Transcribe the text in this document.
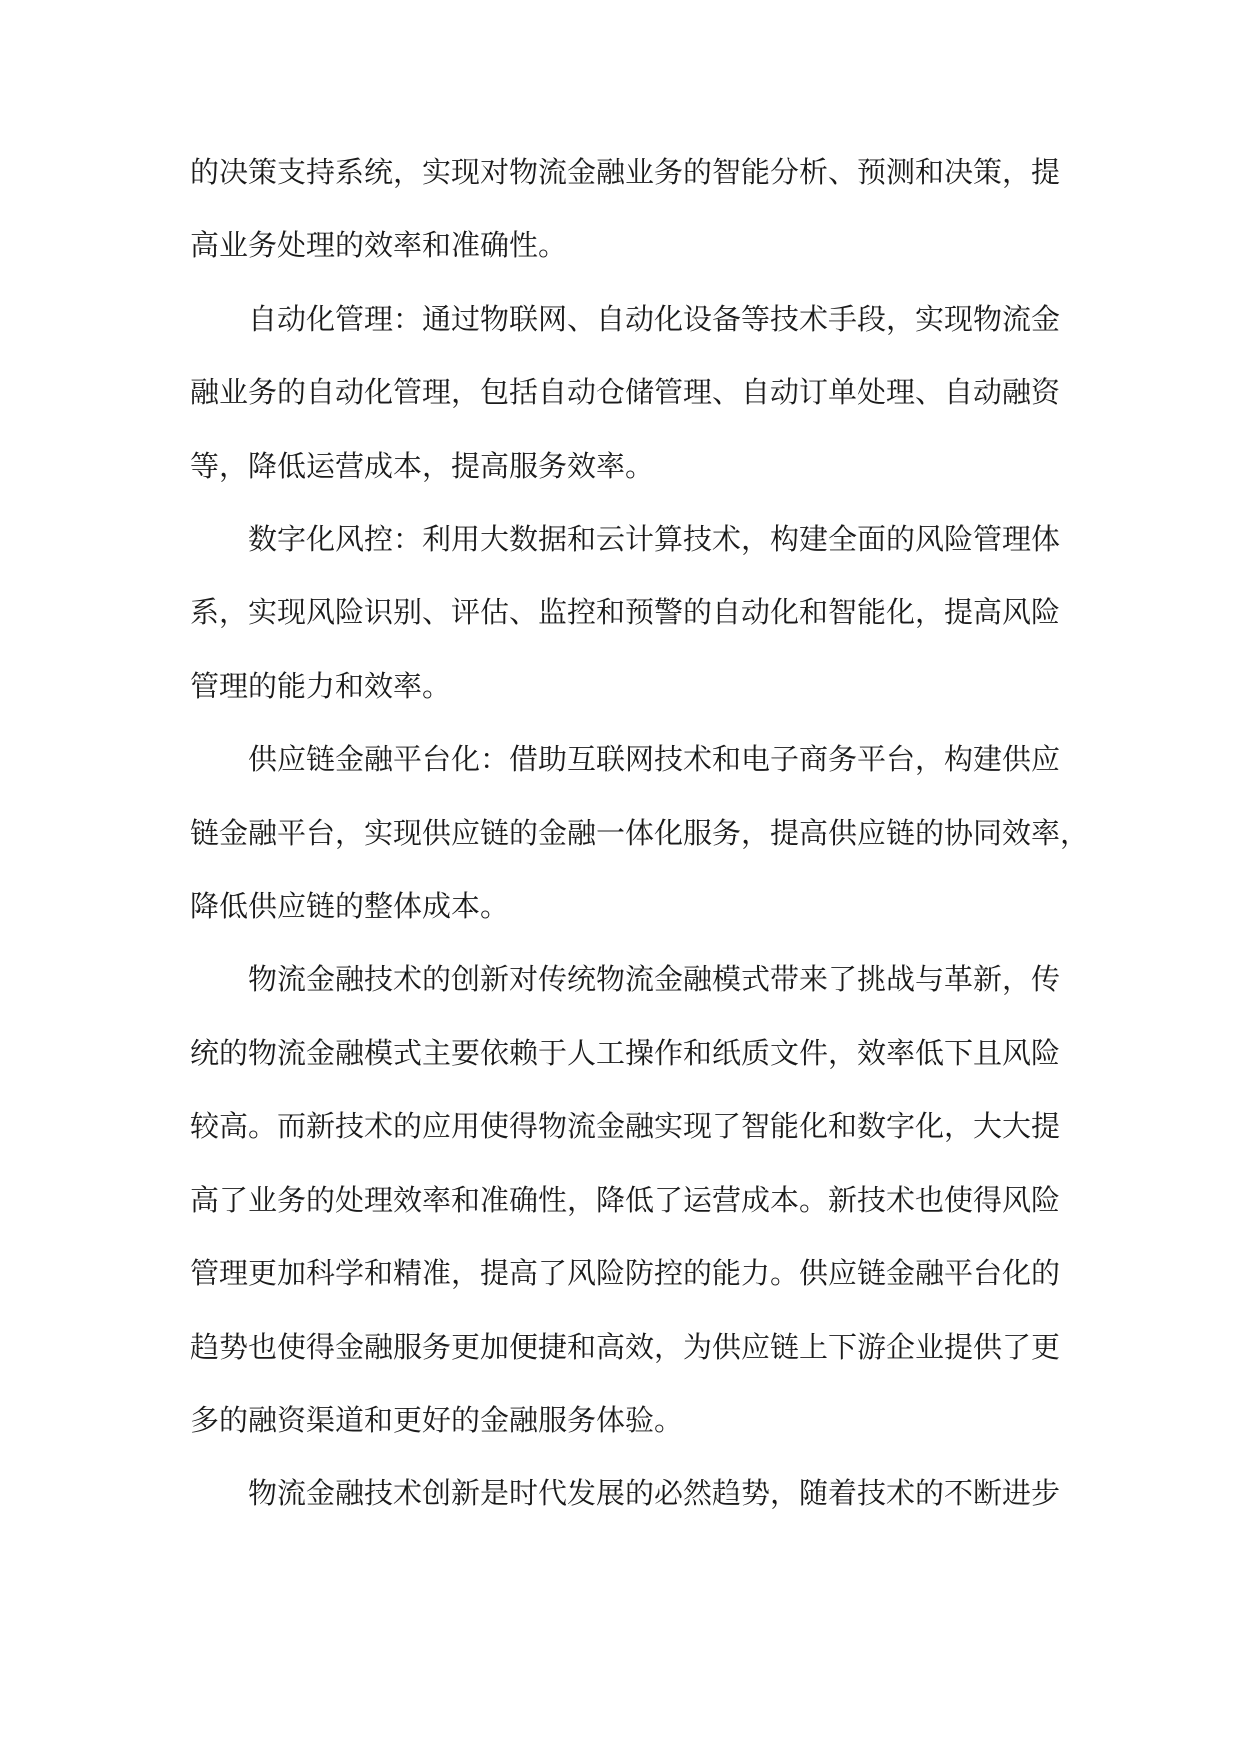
的决策支持系统，实现对物流金融业务的智能分析、预测和决策，提
高业务处理的效率和准确性。

自动化管理：通过物联网、自动化设备等技术手段，实现物流金
融业务的自动化管理，包括自动仓储管理、自动订单处理、自动融资
等，降低运营成本，提高服务效率。

数字化风控：利用大数据和云计算技术，构建全面的风险管理体
系，实现风险识别、评估、监控和预警的自动化和智能化，提高风险
管理的能力和效率。

供应链金融平台化：借助互联网技术和电子商务平台，构建供应
链金融平台，实现供应链的金融一体化服务，提高供应链的协同效率，
降低供应链的整体成本。

物流金融技术的创新对传统物流金融模式带来了挑战与革新，传
统的物流金融模式主要依赖于人工操作和纸质文件，效率低下且风险
较高。而新技术的应用使得物流金融实现了智能化和数字化，大大提
高了业务的处理效率和准确性，降低了运营成本。新技术也使得风险
管理更加科学和精准，提高了风险防控的能力。供应链金融平台化的
趋势也使得金融服务更加便捷和高效，为供应链上下游企业提供了更
多的融资渠道和更好的金融服务体验。

物流金融技术创新是时代发展的必然趋势，随着技术的不断进步
